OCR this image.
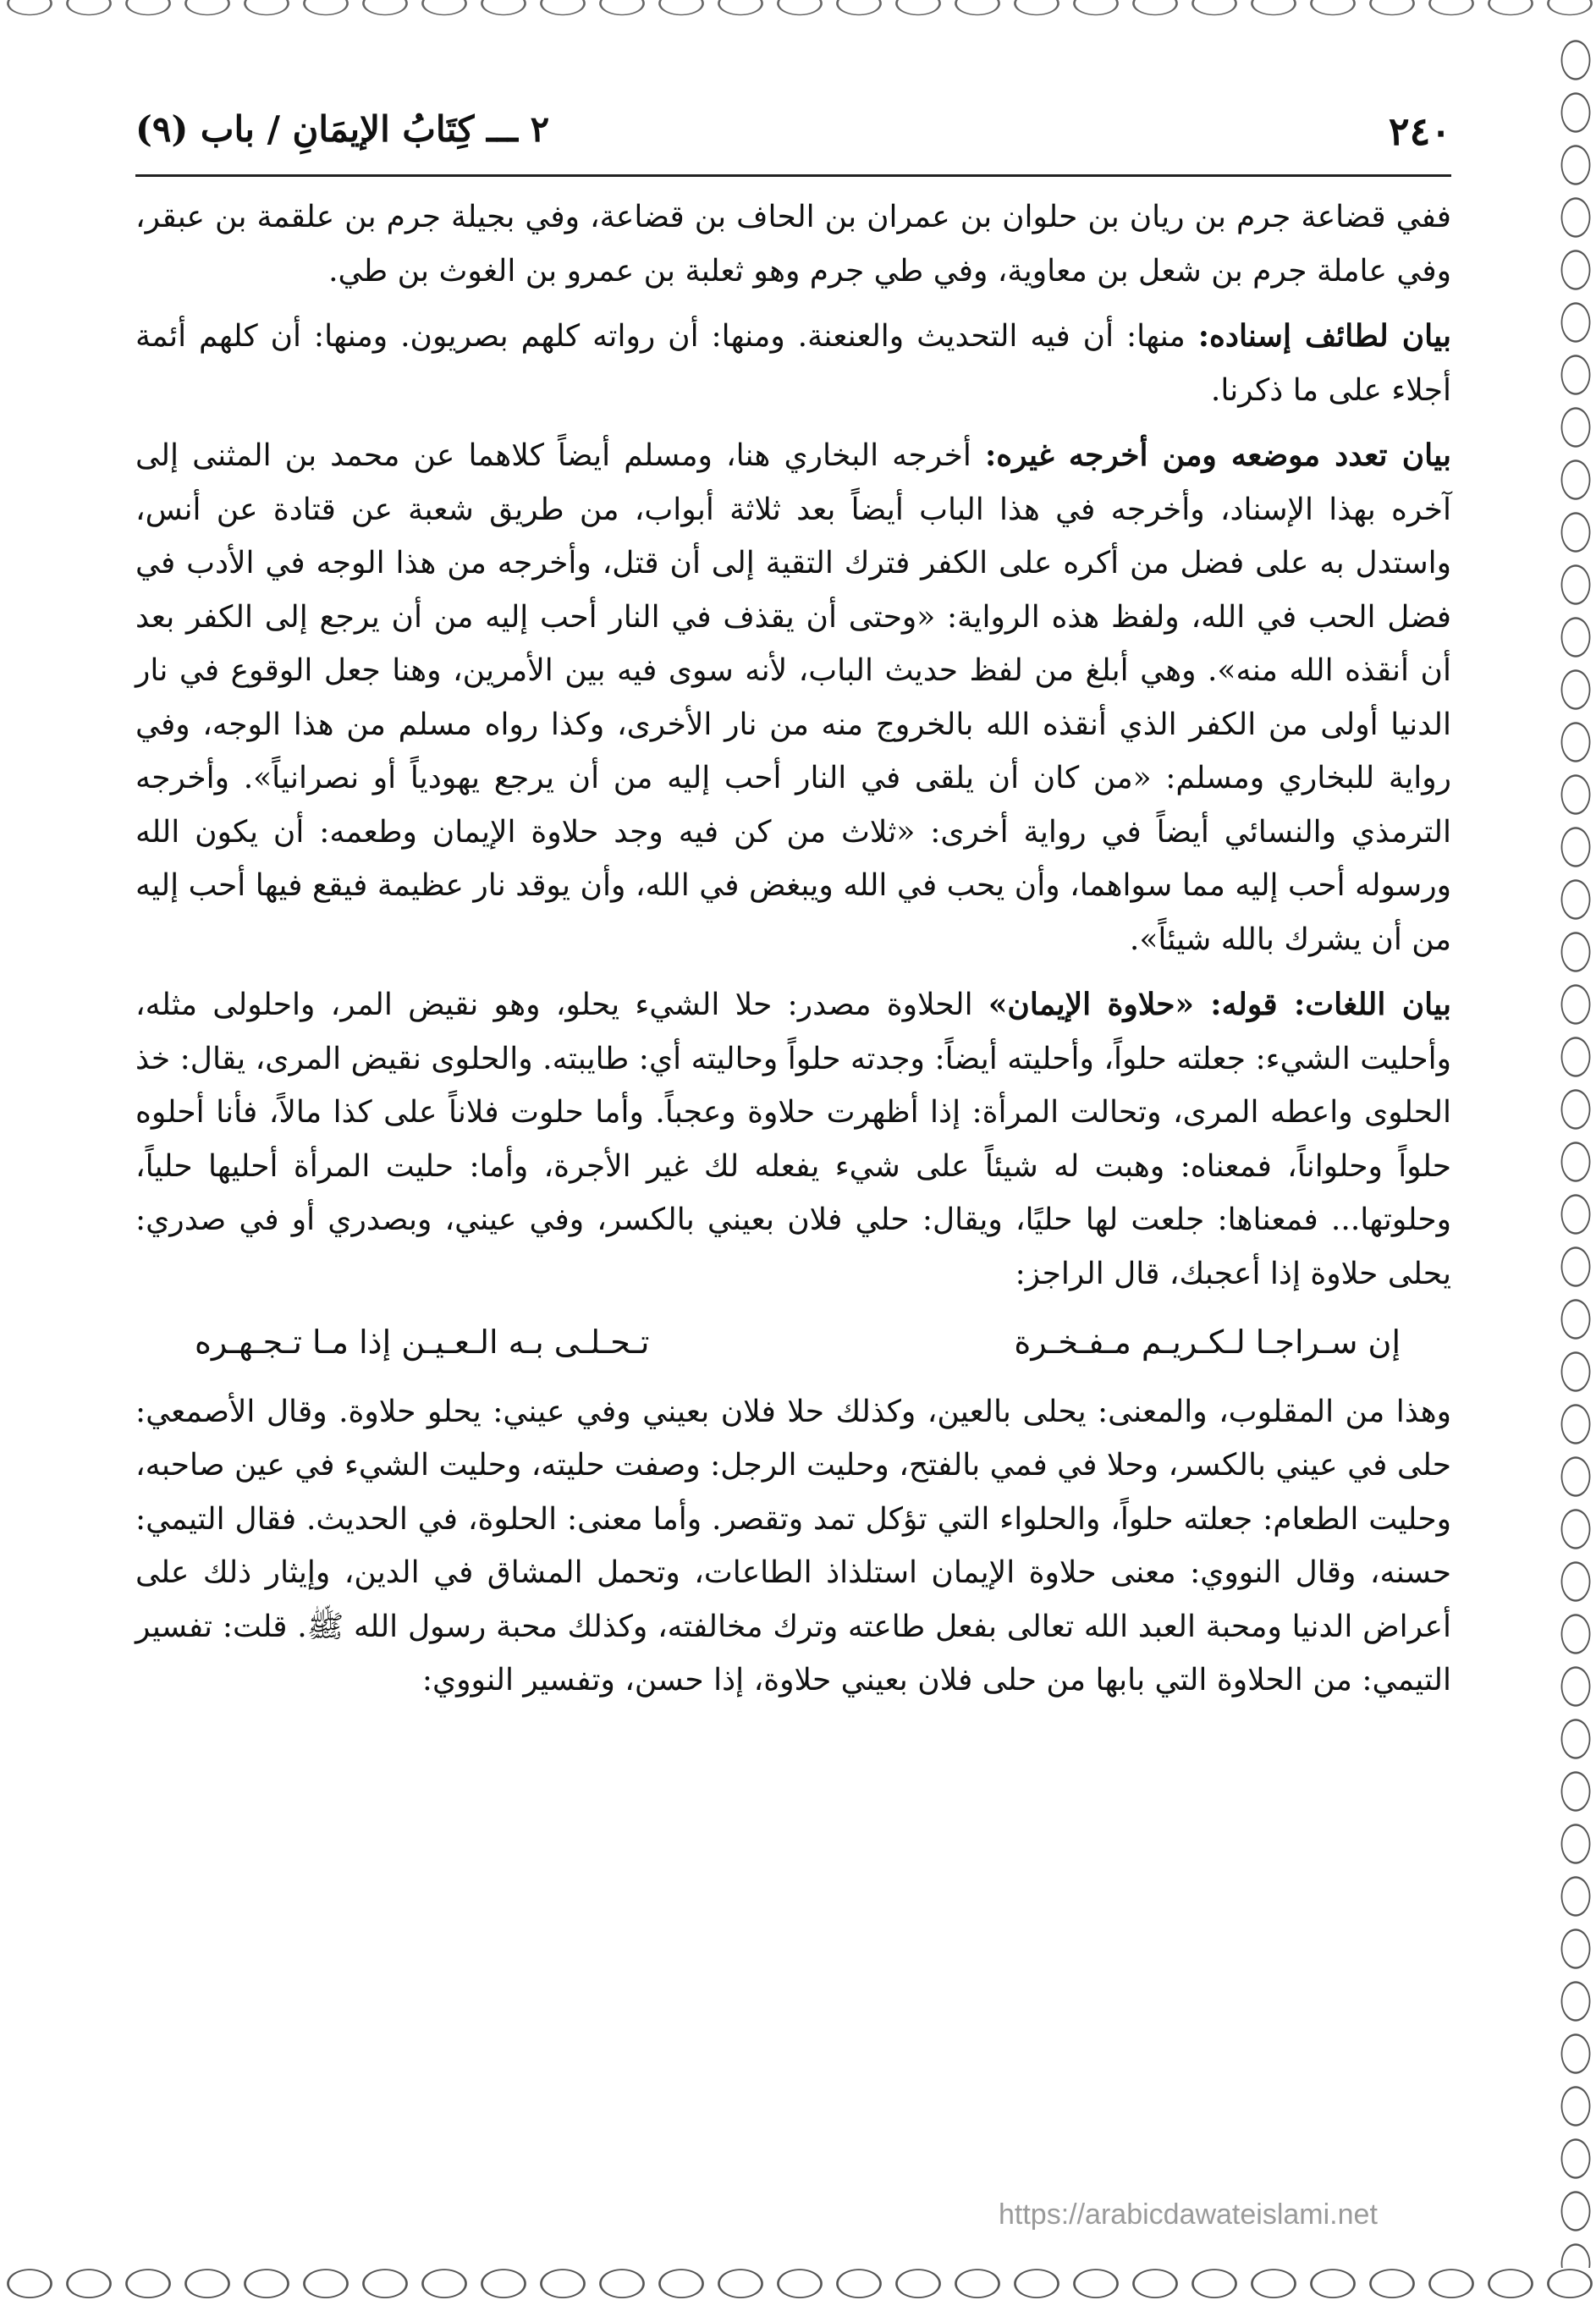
٢٤٠
٢ ـــ كِتَابُ الإيمَانِ / باب (٩)

ففي قضاعة جرم بن ريان بن حلوان بن عمران بن الحاف بن قضاعة، وفي بجيلة جرم بن علقمة بن عبقر، وفي عاملة جرم بن شعل بن معاوية، وفي طي جرم وهو ثعلبة بن عمرو بن الغوث بن طي.

بيان لطائف إسناده: منها: أن فيه التحديث والعنعنة. ومنها: أن رواته كلهم بصريون. ومنها: أن كلهم أئمة أجلاء على ما ذكرنا.

بيان تعدد موضعه ومن أخرجه غيره: أخرجه البخاري هنا، ومسلم أيضاً كلاهما عن محمد بن المثنى إلى آخره بهذا الإسناد، وأخرجه في هذا الباب أيضاً بعد ثلاثة أبواب، من طريق شعبة عن قتادة عن أنس، واستدل به على فضل من أكره على الكفر فترك التقية إلى أن قتل، وأخرجه من هذا الوجه في الأدب في فضل الحب في الله، ولفظ هذه الرواية: «وحتى أن يقذف في النار أحب إليه من أن يرجع إلى الكفر بعد أن أنقذه الله منه». وهي أبلغ من لفظ حديث الباب، لأنه سوى فيه بين الأمرين، وهنا جعل الوقوع في نار الدنيا أولى من الكفر الذي أنقذه الله بالخروج منه من نار الأخرى، وكذا رواه مسلم من هذا الوجه، وفي رواية للبخاري ومسلم: «من كان أن يلقى في النار أحب إليه من أن يرجع يهودياً أو نصرانياً». وأخرجه الترمذي والنسائي أيضاً في رواية أخرى: «ثلاث من كن فيه وجد حلاوة الإيمان وطعمه: أن يكون الله ورسوله أحب إليه مما سواهما، وأن يحب في الله ويبغض في الله، وأن يوقد نار عظيمة فيقع فيها أحب إليه من أن يشرك بالله شيئاً».

بيان اللغات: قوله: «حلاوة الإيمان» الحلاوة مصدر: حلا الشيء يحلو، وهو نقيض المر، واحلولى مثله، وأحليت الشيء: جعلته حلواً، وأحليته أيضاً: وجدته حلواً وحاليته أي: طايبته. والحلوى نقيض المرى، يقال: خذ الحلوى واعطه المرى، وتحالت المرأة: إذا أظهرت حلاوة وعجباً. وأما حلوت فلاناً على كذا مالاً، فأنا أحلوه حلواً وحلواناً، فمعناه: وهبت له شيئاً على شيء يفعله لك غير الأجرة، وأما: حليت المرأة أحليها حلياً، وحلوتها... فمعناها: جلعت لها حليًا، ويقال: حلي فلان بعيني بالكسر، وفي عيني، وبصدري أو في صدري: يحلى حلاوة إذا أعجبك، قال الراجز:

إن سـراجـا لـكـريـم مـفـخـرة
تـحـلـى بـه الـعـيـن إذا مـا تـجـهـره

وهذا من المقلوب، والمعنى: يحلى بالعين، وكذلك حلا فلان بعيني وفي عيني: يحلو حلاوة. وقال الأصمعي: حلى في عيني بالكسر، وحلا في فمي بالفتح، وحليت الرجل: وصفت حليته، وحليت الشيء في عين صاحبه، وحليت الطعام: جعلته حلواً، والحلواء التي تؤكل تمد وتقصر. وأما معنى: الحلوة، في الحديث. فقال التيمي: حسنه، وقال النووي: معنى حلاوة الإيمان استلذاذ الطاعات، وتحمل المشاق في الدين، وإيثار ذلك على أعراض الدنيا ومحبة العبد الله تعالى بفعل طاعته وترك مخالفته، وكذلك محبة رسول الله ﷺ. قلت: تفسير التيمي: من الحلاوة التي بابها من حلى فلان بعيني حلاوة، إذا حسن، وتفسير النووي:

https://arabicdawateislami.net
